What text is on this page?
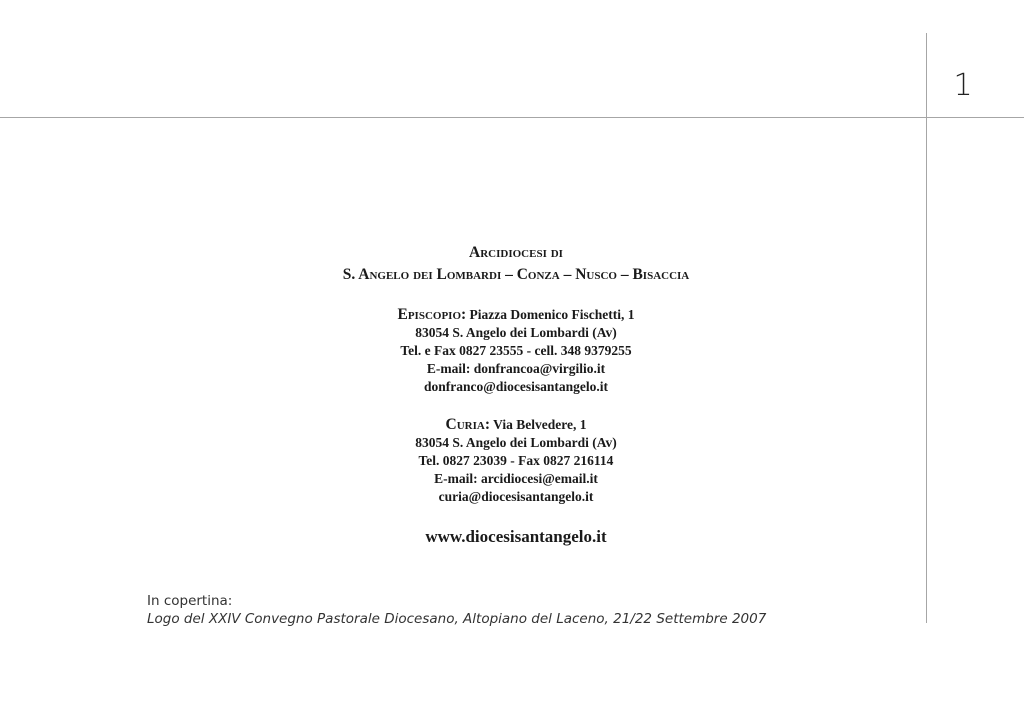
1
Arcidiocesi di
S. Angelo dei Lombardi – Conza – Nusco – Bisaccia
Episcopio: Piazza Domenico Fischetti, 1
83054 S. Angelo dei Lombardi (Av)
Tel. e Fax 0827 23555 - cell. 348 9379255
E-mail: donfrancoa@virgilio.it
donfranco@diocesisantangelo.it
Curia: Via Belvedere, 1
83054 S. Angelo dei Lombardi (Av)
Tel. 0827 23039 - Fax 0827 216114
E-mail: arcidiocesi@email.it
curia@diocesisantangelo.it
www.diocesisantangelo.it
In copertina:
Logo del XXIV Convegno Pastorale Diocesano, Altopiano del Laceno, 21/22 Settembre 2007
